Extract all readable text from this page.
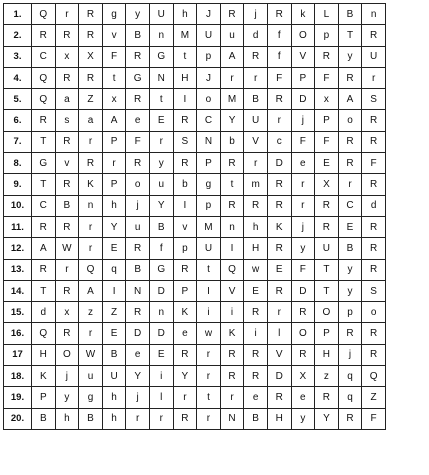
1.	Q	r	R	g	y	U	h	J	R	j	R	k	L	B	n
2.	R	R	R	v	B	n	M	U	u	d	f	O	p	T	R
3.	C	x	X	F	R	G	t	p	A	R	f	V	R	y	U
4.	Q	R	R	t	G	N	H	J	r	r	F	P	F	R	r
5.	Q	a	Z	x	R	t	I	o	M	B	R	D	x	A	S
6.	R	s	a	A	e	E	R	C	Y	U	r	j	P	o	R
7.	T	R	r	P	F	r	S	N	b	V	c	F	F	R	R
8.	G	v	R	r	R	y	R	P	R	r	D	e	E	R	F
9.	T	R	K	P	o	u	b	g	t	m	R	r	X	r	R
10.	C	B	n	h	j	Y	I	p	R	R	R	r	R	C	d
11.	R	R	r	Y	u	B	v	M	n	h	K	j	R	E	R
12.	A	W	r	E	R	f	p	U	I	H	R	y	U	B	R
13.	R	r	Q	q	B	G	R	t	Q	w	E	F	T	y	R
14.	T	R	A	I	N	D	P	I	V	E	R	D	T	y	S
15.	d	x	z	Z	R	n	K	i	i	R	r	R	O	p	o
16.	Q	R	r	E	D	D	e	w	K	i	l	O	P	R	R
17	H	O	W	B	e	E	R	r	R	R	V	R	H	j	R
18.	K	j	u	U	Y	i	Y	r	R	R	D	X	z	q	Q
19.	P	y	g	h	j	l	r	t	r	e	R	e	R	q	Z
20.	B	h	B	h	r	r	R	r	N	B	H	y	Y	R	F
